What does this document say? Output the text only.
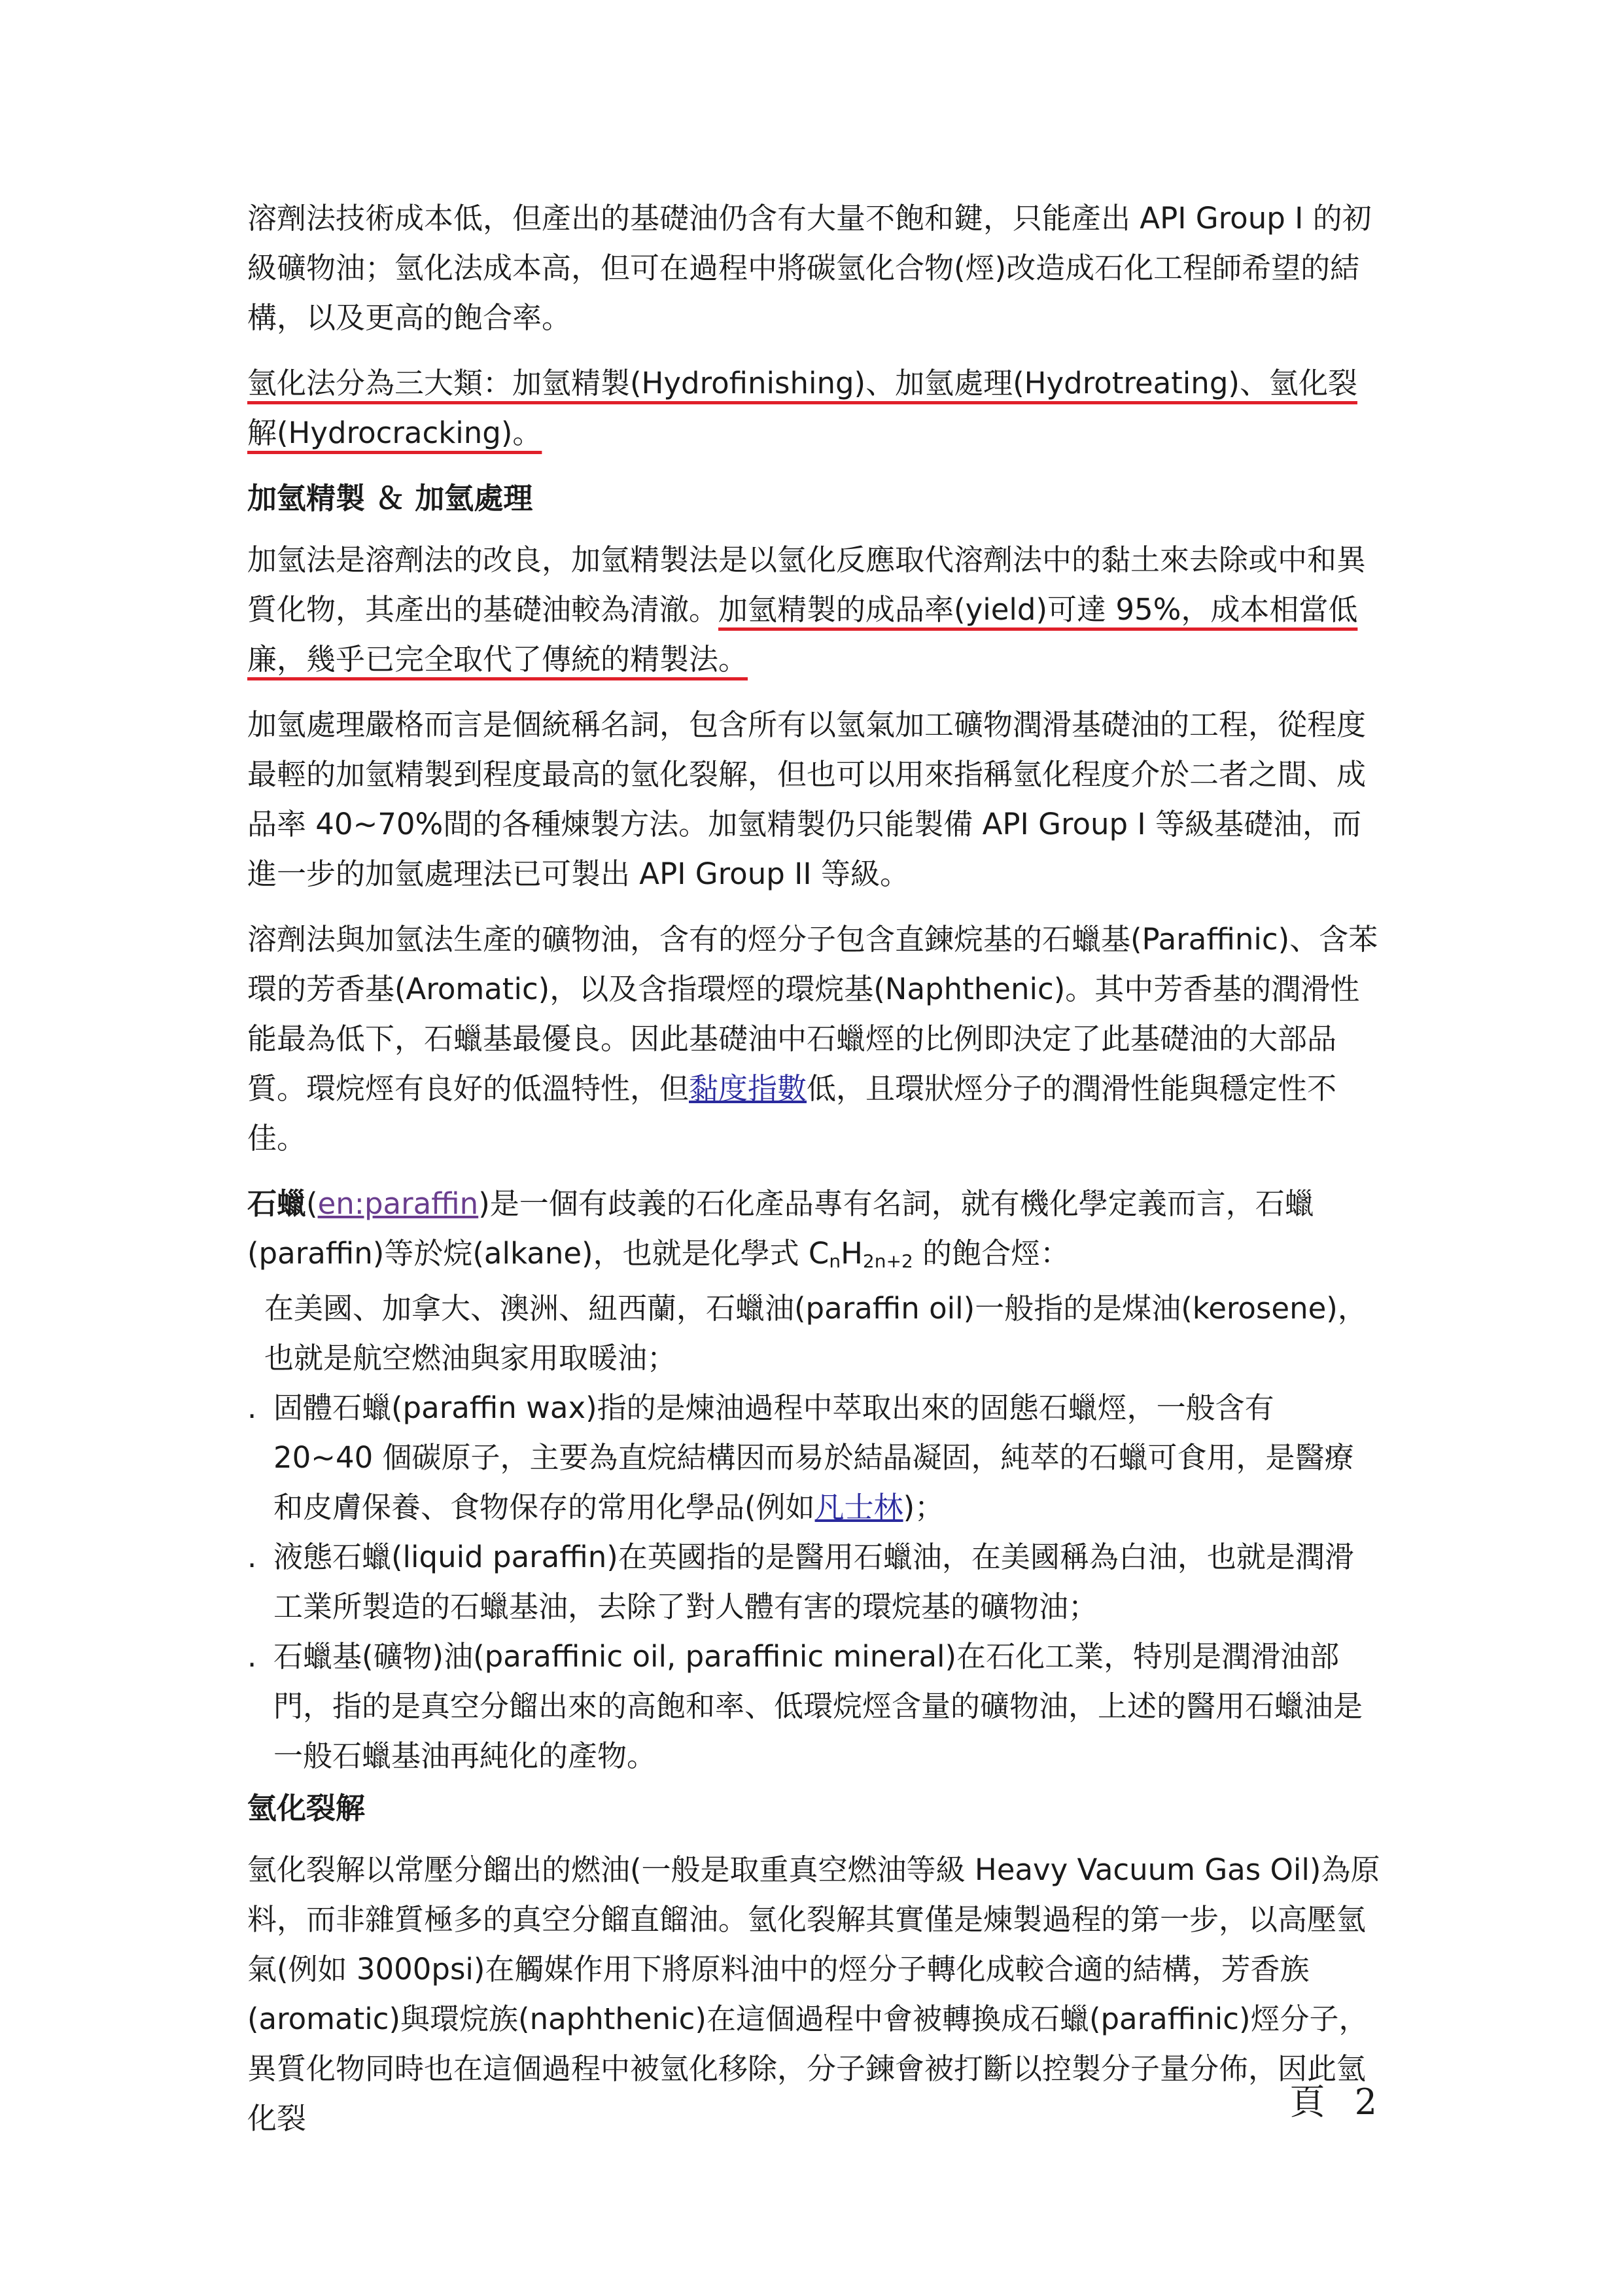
溶劑法技術成本低，但產出的基礎油仍含有大量不飽和鍵，只能產出 API Group I 的初級礦物油；氫化法成本高，但可在過程中將碳氫化合物(烴)改造成石化工程師希望的結構，以及更高的飽合率。

氫化法分為三大類：加氫精製(Hydrofinishing)、加氫處理(Hydrotreating)、氫化裂解(Hydrocracking)。

加氫精製 ＆ 加氫處理

加氫法是溶劑法的改良，加氫精製法是以氫化反應取代溶劑法中的黏土來去除或中和異質化物，其產出的基礎油較為清澈。加氫精製的成品率(yield)可達 95%，成本相當低廉，幾乎已完全取代了傳統的精製法。

加氫處理嚴格而言是個統稱名詞，包含所有以氫氣加工礦物潤滑基礎油的工程，從程度最輕的加氫精製到程度最高的氫化裂解，但也可以用來指稱氫化程度介於二者之間、成品率 40~70%間的各種煉製方法。加氫精製仍只能製備 API Group I 等級基礎油，而進一步的加氫處理法已可製出 API Group II 等級。

溶劑法與加氫法生產的礦物油，含有的烴分子包含直鍊烷基的石蠟基(Paraffinic)、含苯環的芳香基(Aromatic)，以及含指環烴的環烷基(Naphthenic)。其中芳香基的潤滑性能最為低下，石蠟基最優良。因此基礎油中石蠟烴的比例即決定了此基礎油的大部品質。環烷烴有良好的低溫特性，但黏度指數低，且環狀烴分子的潤滑性能與穩定性不佳。

石蠟(en:paraffin)是一個有歧義的石化產品專有名詞，就有機化學定義而言，石蠟(paraffin)等於烷(alkane)，也就是化學式 $C_nH_{2n+2}$ 的飽合烴：

在美國、加拿大、澳洲、紐西蘭，石蠟油(paraffin oil)一般指的是煤油(kerosene)，也就是航空燃油與家用取暖油；
. 固體石蠟(paraffin wax)指的是煉油過程中萃取出來的固態石蠟烴，一般含有 20~40 個碳原子，主要為直烷結構因而易於結晶凝固，純萃的石蠟可食用，是醫療和皮膚保養、食物保存的常用化學品(例如凡士林)；
. 液態石蠟(liquid paraffin)在英國指的是醫用石蠟油，在美國稱為白油，也就是潤滑工業所製造的石蠟基油，去除了對人體有害的環烷基的礦物油；
. 石蠟基(礦物)油(paraffinic oil, paraffinic mineral)在石化工業，特別是潤滑油部門，指的是真空分餾出來的高飽和率、低環烷烴含量的礦物油，上述的醫用石蠟油是一般石蠟基油再純化的產物。

氫化裂解

氫化裂解以常壓分餾出的燃油(一般是取重真空燃油等級 Heavy Vacuum Gas Oil)為原料，而非雜質極多的真空分餾直餾油。氫化裂解其實僅是煉製過程的第一步，以高壓氫氣(例如 3000psi)在觸媒作用下將原料油中的烴分子轉化成較合適的結構，芳香族(aromatic)與環烷族(naphthenic)在這個過程中會被轉換成石蠟(paraffinic)烴分子，異質化物同時也在這個過程中被氫化移除，分子鍊會被打斷以控製分子量分佈，因此氫化裂	頁 2
